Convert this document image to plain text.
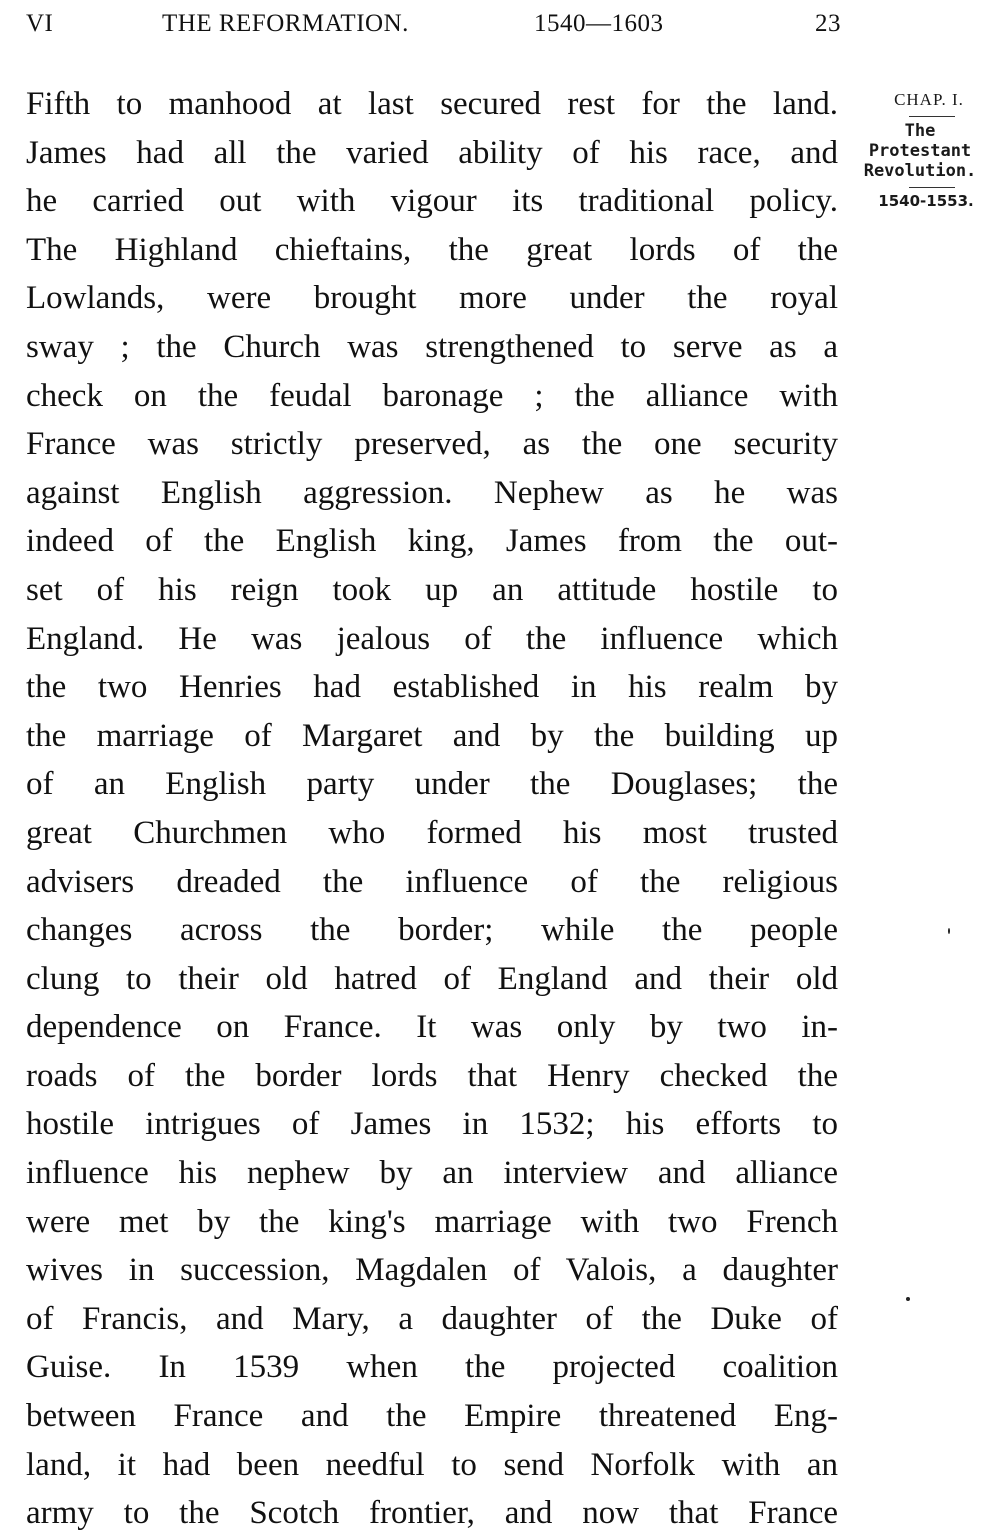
VI	THE REFORMATION.	1540—1603	23
Fifth to manhood at last secured rest for the land.
James had all the varied ability of his race, and
he carried out with vigour its traditional policy.
The Highland chieftains, the great lords of the
Lowlands, were brought more under the royal
sway ; the Church was strengthened to serve as a
check on the feudal baronage ; the alliance with
France was strictly preserved, as the one security
against English aggression. Nephew as he was
indeed of the English king, James from the out-
set of his reign took up an attitude hostile to
England. He was jealous of the influence which
the two Henries had established in his realm by
the marriage of Margaret and by the building up
of an English party under the Douglases; the
great Churchmen who formed his most trusted
advisers dreaded the influence of the religious
changes across the border; while the people
clung to their old hatred of England and their old
dependence on France. It was only by two in-
roads of the border lords that Henry checked the
hostile intrigues of James in 1532; his efforts to
influence his nephew by an interview and alliance
were met by the king's marriage with two French
wives in succession, Magdalen of Valois, a daughter
of Francis, and Mary, a daughter of the Duke of
Guise. In 1539 when the projected coalition
between France and the Empire threatened Eng-
land, it had been needful to send Norfolk with an
army to the Scotch frontier, and now that France
CHAP. I.
The
Protestant
Revolution.
1540-1553.
